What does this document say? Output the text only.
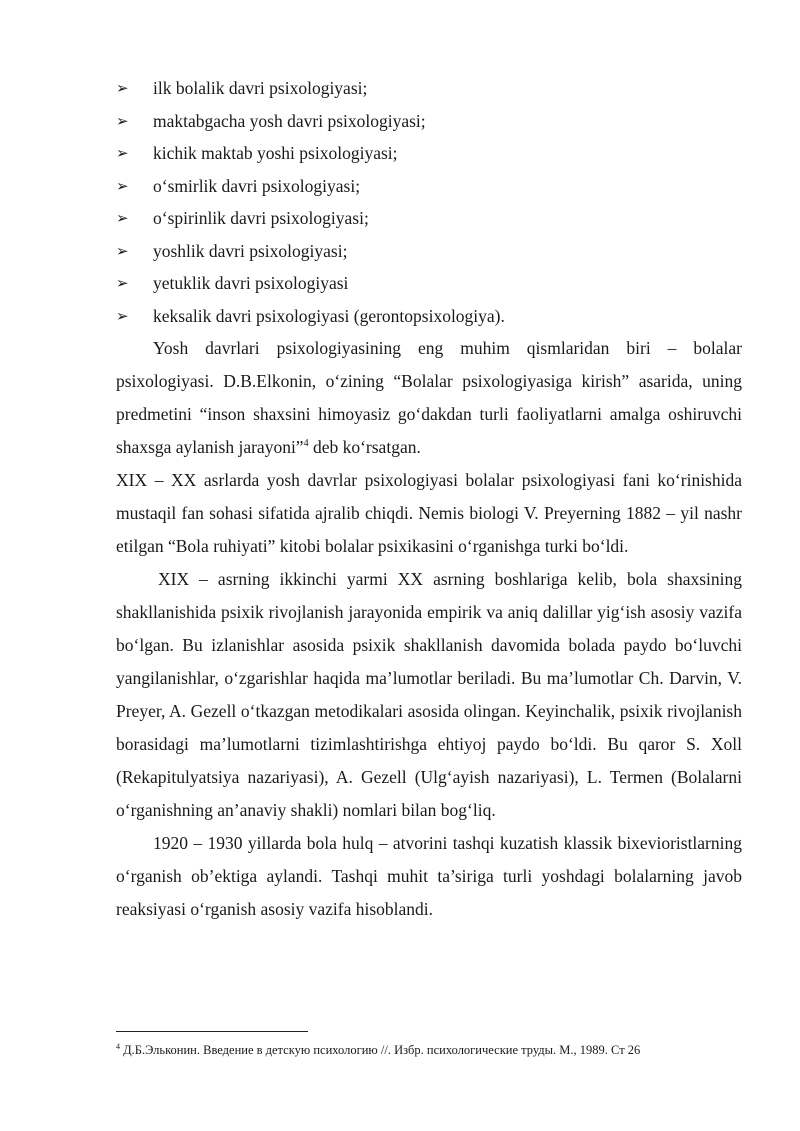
➢ ilk bolalik davri psixologiyasi;
➢ maktabgacha yosh davri psixologiyasi;
➢ kichik maktab yoshi psixologiyasi;
➢ o‘smirlik davri psixologiyasi;
➢ o‘spirinlik davri psixologiyasi;
➢ yoshlik davri psixologiyasi;
➢ yetuklik davri psixologiyasi
➢ keksalik davri psixologiyasi (gerontopsixologiya).

Yosh davrlari psixologiyasining eng muhim qismlaridan biri – bolalar psixologiyasi. D.B.Elkonin, o‘zining “Bolalar psixologiyasiga kirish” asarida, uning predmetini “inson shaxsini himoyasiz go‘dakdan turli faoliyatlarni amalga oshiruvchi shaxsga aylanish jarayoni”$^4$ deb ko‘rsatgan.

XIX – XX asrlarda yosh davrlar psixologiyasi bolalar psixologiyasi fani ko‘rinishida mustaqil fan sohasi sifatida ajralib chiqdi. Nemis biologi V. Preyerning 1882 – yil nashr etilgan “Bola ruhiyati” kitobi bolalar psixikasini o‘rganishga turki bo‘ldi.

XIX – asrning ikkinchi yarmi XX asrning boshlariga kelib, bola shaxsining shakllanishida psixik rivojlanish jarayonida empirik va aniq dalillar yig‘ish asosiy vazifa bo‘lgan. Bu izlanishlar asosida psixik shakllanish davomida bolada paydo bo‘luvchi yangilanishlar, o‘zgarishlar haqida ma’lumotlar beriladi. Bu ma’lumotlar Ch. Darvin, V. Preyer, A. Gezell o‘tkazgan metodikalari asosida olingan. Keyinchalik, psixik rivojlanish borasidagi ma’lumotlarni tizimlashtirishga ehtiyoj paydo bo‘ldi. Bu qaror S. Xoll (Rekapitulyatsiya nazariyasi), A. Gezell (Ulg‘ayish nazariyasi), L. Termen (Bolalarni o‘rganishning an’anaviy shakli) nomlari bilan bog‘liq.

1920 – 1930 yillarda bola hulq – atvorini tashqi kuzatish klassik bixevioristlarning o‘rganish ob’ektiga aylandi. Tashqi muhit ta’siriga turli yoshdagi bolalarning javob reaksiyasi o‘rganish asosiy vazifa hisoblandi.

$^4$ Д.Б.Эльконин. Введение в детскую психологию //. Избр. психологические труды. М., 1989. Ст 26
